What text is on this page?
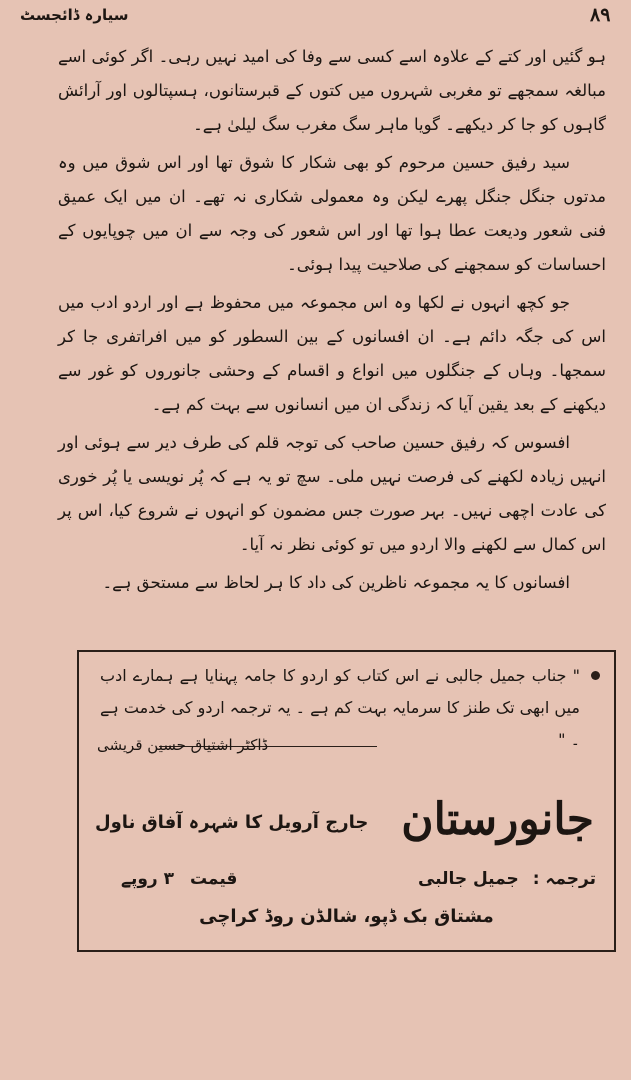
۸۹
سیارہ ڈائجسٹ

ہو گئیں اور کتے کے علاوہ اسے کسی سے وفا کی امید نہیں رہی۔ اگر کوئی اسے مبالغہ سمجھے تو مغربی شہروں میں کتوں کے قبرستانوں، ہسپتالوں اور آرائش گاہوں کو جا کر دیکھے۔ گویا ماہر سگ مغرب سگ لیلیٰ ہے۔

سید رفیق حسین مرحوم کو بھی شکار کا شوق تھا اور اس شوق میں وہ مدتوں جنگل جنگل پھرے لیکن وہ معمولی شکاری نہ تھے۔ ان میں ایک عمیق فنی شعور ودیعت عطا ہوا تھا اور اس شعور کی وجہ سے ان میں چوپایوں کے احساسات کو سمجھنے کی صلاحیت پیدا ہوئی۔

جو کچھ انہوں نے لکھا وہ اس مجموعہ میں محفوظ ہے اور اردو ادب میں اس کی جگہ دائم ہے۔ ان افسانوں کے بین السطور کو میں افراتفری جا کر سمجھا۔ وہاں کے جنگلوں میں انواع و اقسام کے وحشی جانوروں کو غور سے دیکھنے کے بعد یقین آیا کہ زندگی ان میں انسانوں سے بہت کم ہے۔

افسوس کہ رفیق حسین صاحب کی توجہ قلم کی طرف دیر سے ہوئی اور انہیں زیادہ لکھنے کی فرصت نہیں ملی۔ سچ تو یہ ہے کہ پُر نویسی یا پُر خوری کی عادت اچھی نہیں۔ بہر صورت جس مضمون کو انہوں نے شروع کیا، اس پر اس کمال سے لکھنے والا اردو میں تو کوئی نظر نہ آیا۔

افسانوں کا یہ مجموعہ ناظرین کی داد کا ہر لحاظ سے مستحق ہے۔

" جناب جمیل جالبی نے اس کتاب کو اردو کا جامہ پہنایا ہے ہمارے ادب میں ابھی تک طنز کا سرمایہ بہت کم ہے ۔ یہ ترجمہ اردو کی خدمت ہے ۔ "

ڈاکٹر اشتیاق حسین قریشی
جانورستان
جارج آرویل کا شہرہ آفاق ناول
ترجمہ : جمیل جالبی
قیمت ۳ روپے
مشتاق بک ڈپو، شالڈن روڈ کراچی
